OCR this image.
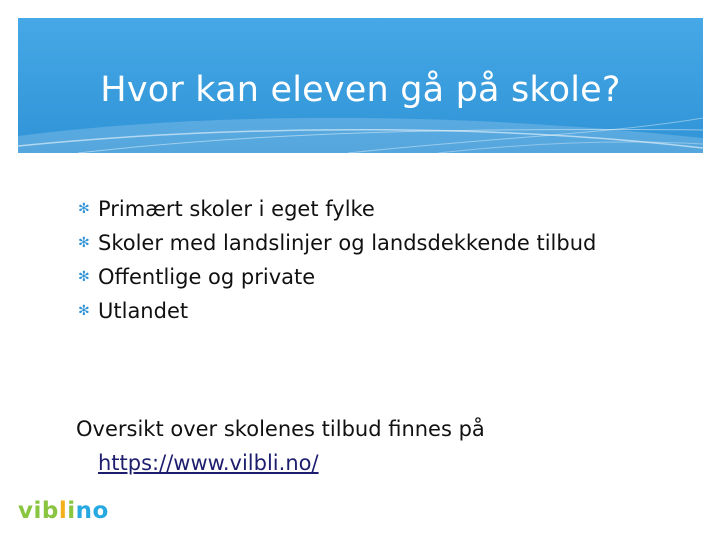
Hvor kan eleven gå på skole?
✻ Primært skoler i eget fylke
✻ Skoler med landslinjer og landsdekkende tilbud
✻ Offentlige og private
✻ Utlandet
Oversikt over skolenes tilbud finnes på
https://www.vilbli.no/
viblino
